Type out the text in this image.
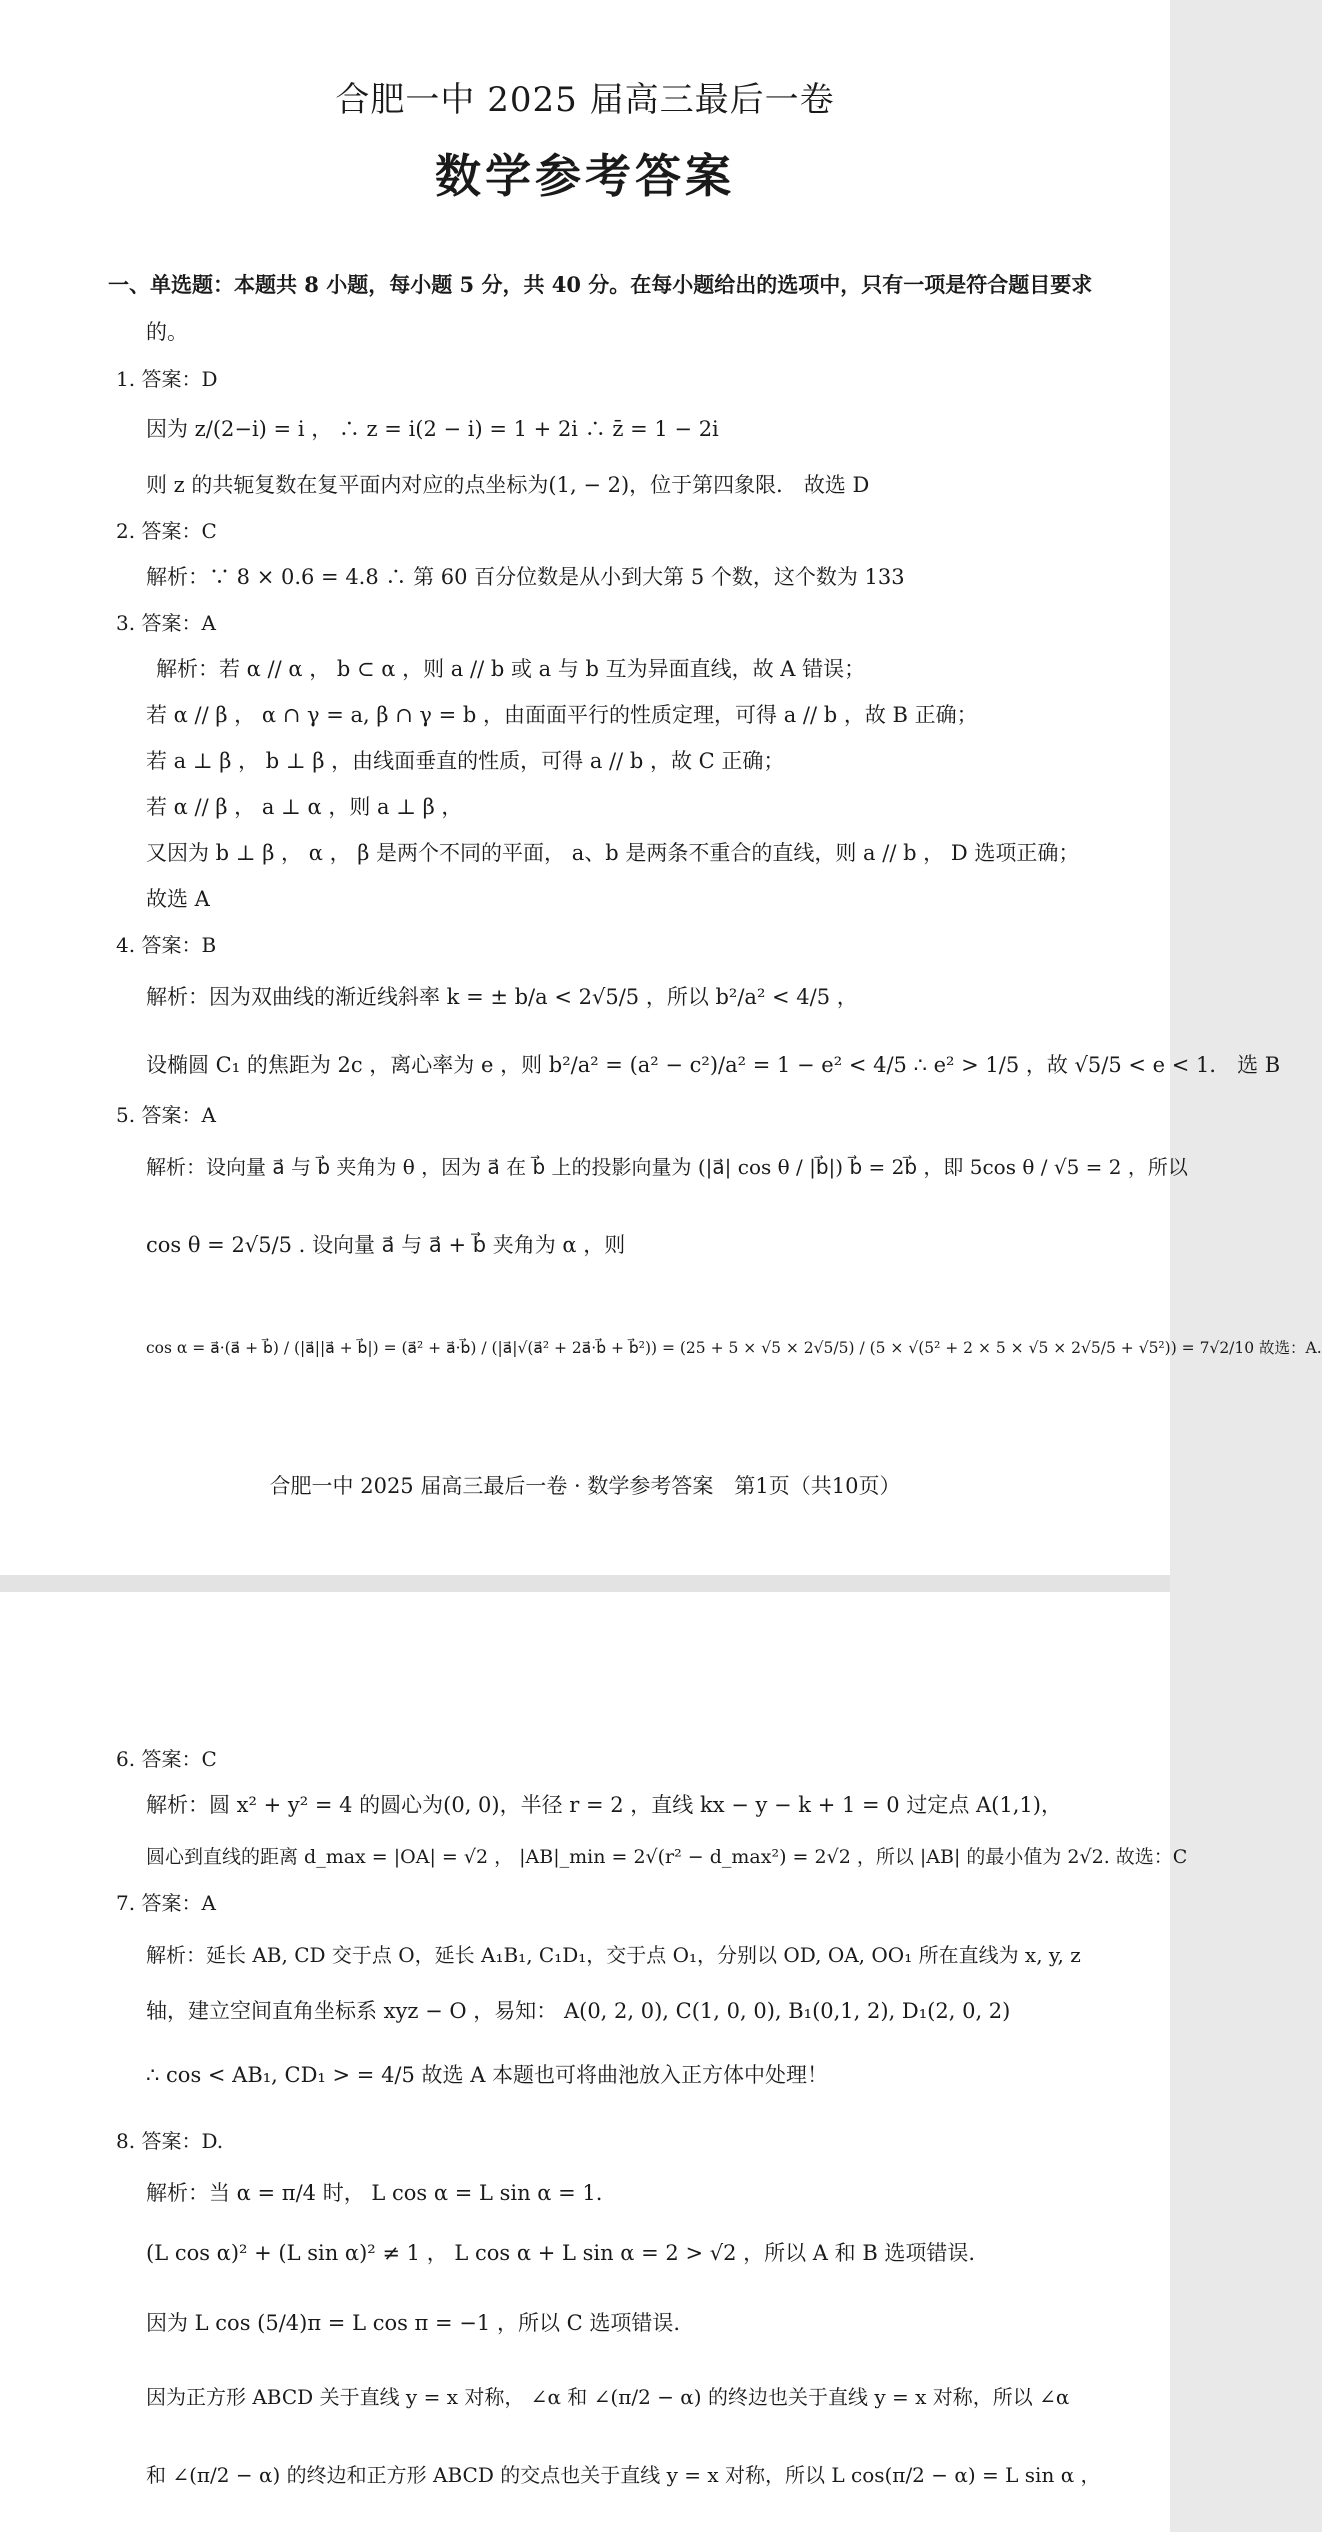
合肥一中 2025 届高三最后一卷
数学参考答案
一、单选题：本题共 8 小题，每小题 5 分，共 40 分。在每小题给出的选项中，只有一项是符合题目要求
的。
1. 答案：D
因为 z/(2−i) = i ， ∴ z = i(2 − i) = 1 + 2i ∴ z̄ = 1 − 2i
则 z 的共轭复数在复平面内对应的点坐标为(1, − 2)，位于第四象限． 故选 D
2. 答案：C
解析：∵ 8 × 0.6 = 4.8 ∴ 第 60 百分位数是从小到大第 5 个数，这个数为 133
3. 答案：A
解析：若 α // α ， b ⊂ α ，则 a // b 或 a 与 b 互为异面直线，故 A 错误；
若 α // β ， α ∩ γ = a, β ∩ γ = b ，由面面平行的性质定理，可得 a // b ，故 B 正确；
若 a ⊥ β ， b ⊥ β ，由线面垂直的性质，可得 a // b ，故 C 正确；
若 α // β ， a ⊥ α ，则 a ⊥ β ，
又因为 b ⊥ β ， α ， β 是两个不同的平面， a、b 是两条不重合的直线，则 a // b ， D 选项正确；
故选 A
4. 答案：B
解析：因为双曲线的渐近线斜率 k = ± b/a < 2√5/5 ，所以 b²/a² < 4/5 ，
设椭圆 C₁ 的焦距为 2c ，离心率为 e ，则 b²/a² = (a² − c²)/a² = 1 − e² < 4/5 ∴ e² > 1/5 ，故 √5/5 < e < 1． 选 B
5. 答案：A
解析：设向量 a⃗ 与 b⃗ 夹角为 θ ，因为 a⃗ 在 b⃗ 上的投影向量为 (|a⃗| cos θ / |b⃗|) b⃗ = 2b⃗ ，即 5cos θ / √5 = 2 ，所以
cos θ = 2√5/5 . 设向量 a⃗ 与 a⃗ + b⃗ 夹角为 α ，则
cos α = a⃗·(a⃗ + b⃗) / (|a⃗||a⃗ + b⃗|) = (a⃗² + a⃗·b⃗) / (|a⃗|√(a⃗² + 2a⃗·b⃗ + b⃗²)) = (25 + 5 × √5 × 2√5/5) / (5 × √(5² + 2 × 5 × √5 × 2√5/5 + √5²)) = 7√2/10 故选：A.
合肥一中 2025 届高三最后一卷 · 数学参考答案　第1页（共10页）
6. 答案：C
解析：圆 x² + y² = 4 的圆心为(0, 0)，半径 r = 2 ，直线 kx − y − k + 1 = 0 过定点 A(1,1)，
圆心到直线的距离 d_max = |OA| = √2 ， |AB|_min = 2√(r² − d_max²) = 2√2 ，所以 |AB| 的最小值为 2√2. 故选：C
7. 答案：A
解析：延长 AB, CD 交于点 O，延长 A₁B₁, C₁D₁，交于点 O₁，分别以 OD, OA, OO₁ 所在直线为 x, y, z
轴，建立空间直角坐标系 xyz − O ，易知： A(0, 2, 0), C(1, 0, 0), B₁(0,1, 2), D₁(2, 0, 2)
∴ cos < AB₁, CD₁ > = 4/5 故选 A 本题也可将曲池放入正方体中处理！
8. 答案：D.
解析：当 α = π/4 时， L cos α = L sin α = 1.
(L cos α)² + (L sin α)² ≠ 1 ， L cos α + L sin α = 2 > √2 ，所以 A 和 B 选项错误.
因为 L cos (5/4)π = L cos π = −1 ，所以 C 选项错误.
因为正方形 ABCD 关于直线 y = x 对称， ∠α 和 ∠(π/2 − α) 的终边也关于直线 y = x 对称，所以 ∠α
和 ∠(π/2 − α) 的终边和正方形 ABCD 的交点也关于直线 y = x 对称，所以 L cos(π/2 − α) = L sin α ，
